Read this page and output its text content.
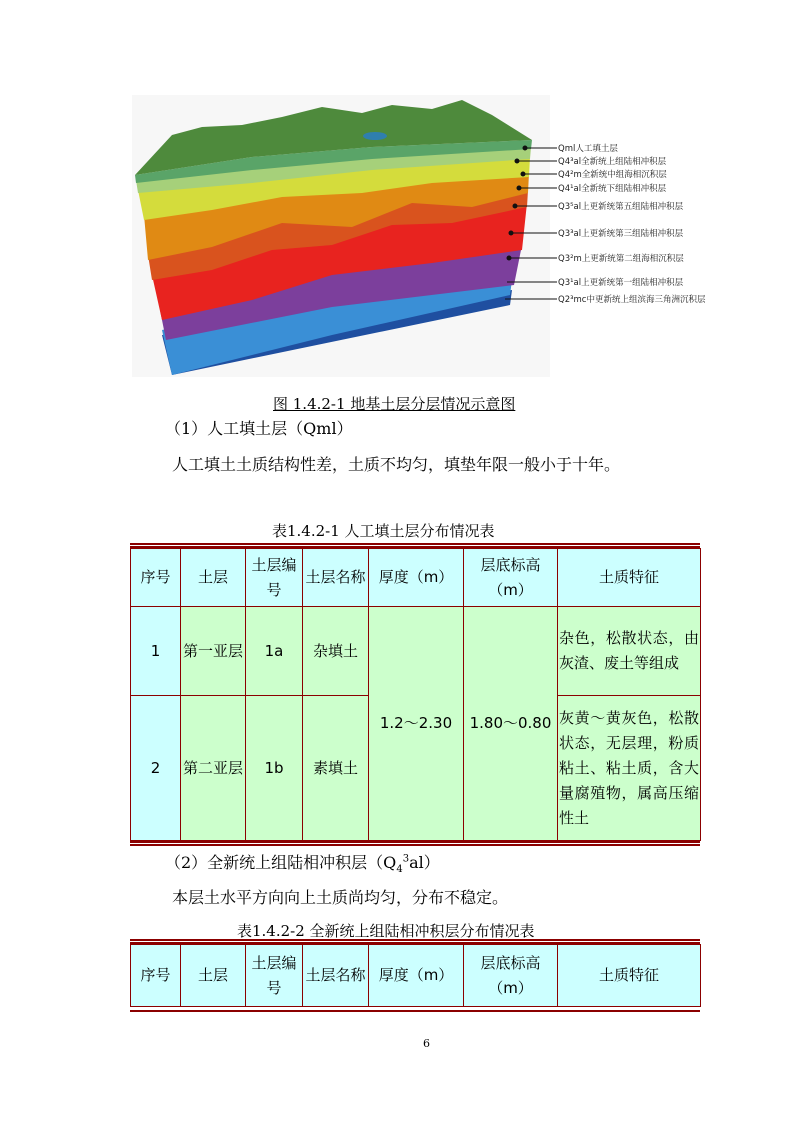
Qml人工填土层
Q4³al全新统上组陆相冲积层
Q4²m全新统中组海相沉积层
Q4¹al全新统下组陆相冲积层
Q3⁵al上更新统第五组陆相冲积层
Q3³al上更新统第三组陆相冲积层
Q3²m上更新统第二组海相沉积层
Q3¹al上更新统第一组陆相冲积层
Q2³mc中更新统上组滨海三角洲沉积层
图 1.4.2-1 地基土层分层情况示意图
（1）人工填土层（Qml）
人工填土土质结构性差，土质不均匀，填垫年限一般小于十年。
表1.4.2-1 人工填土层分布情况表
序号	土层	土层编号	土层名称	厚度（m）	层底标高（m）	土质特征
1	第一亚层	1a	杂填土	1.2～2.30	1.80～0.80	杂色，松散状态，由灰渣、废土等组成
2	第二亚层	1b	素填土			灰黄～黄灰色，松散状态，无层理，粉质粘土、粘土质，含大量腐殖物，属高压缩性土
（2）全新统上组陆相冲积层$(Q_4^3al)$
本层土水平方向向上土质尚均匀，分布不稳定。
表1.4.2-2 全新统上组陆相冲积层分布情况表
序号	土层	土层编号	土层名称	厚度（m）	层底标高（m）	土质特征
6
